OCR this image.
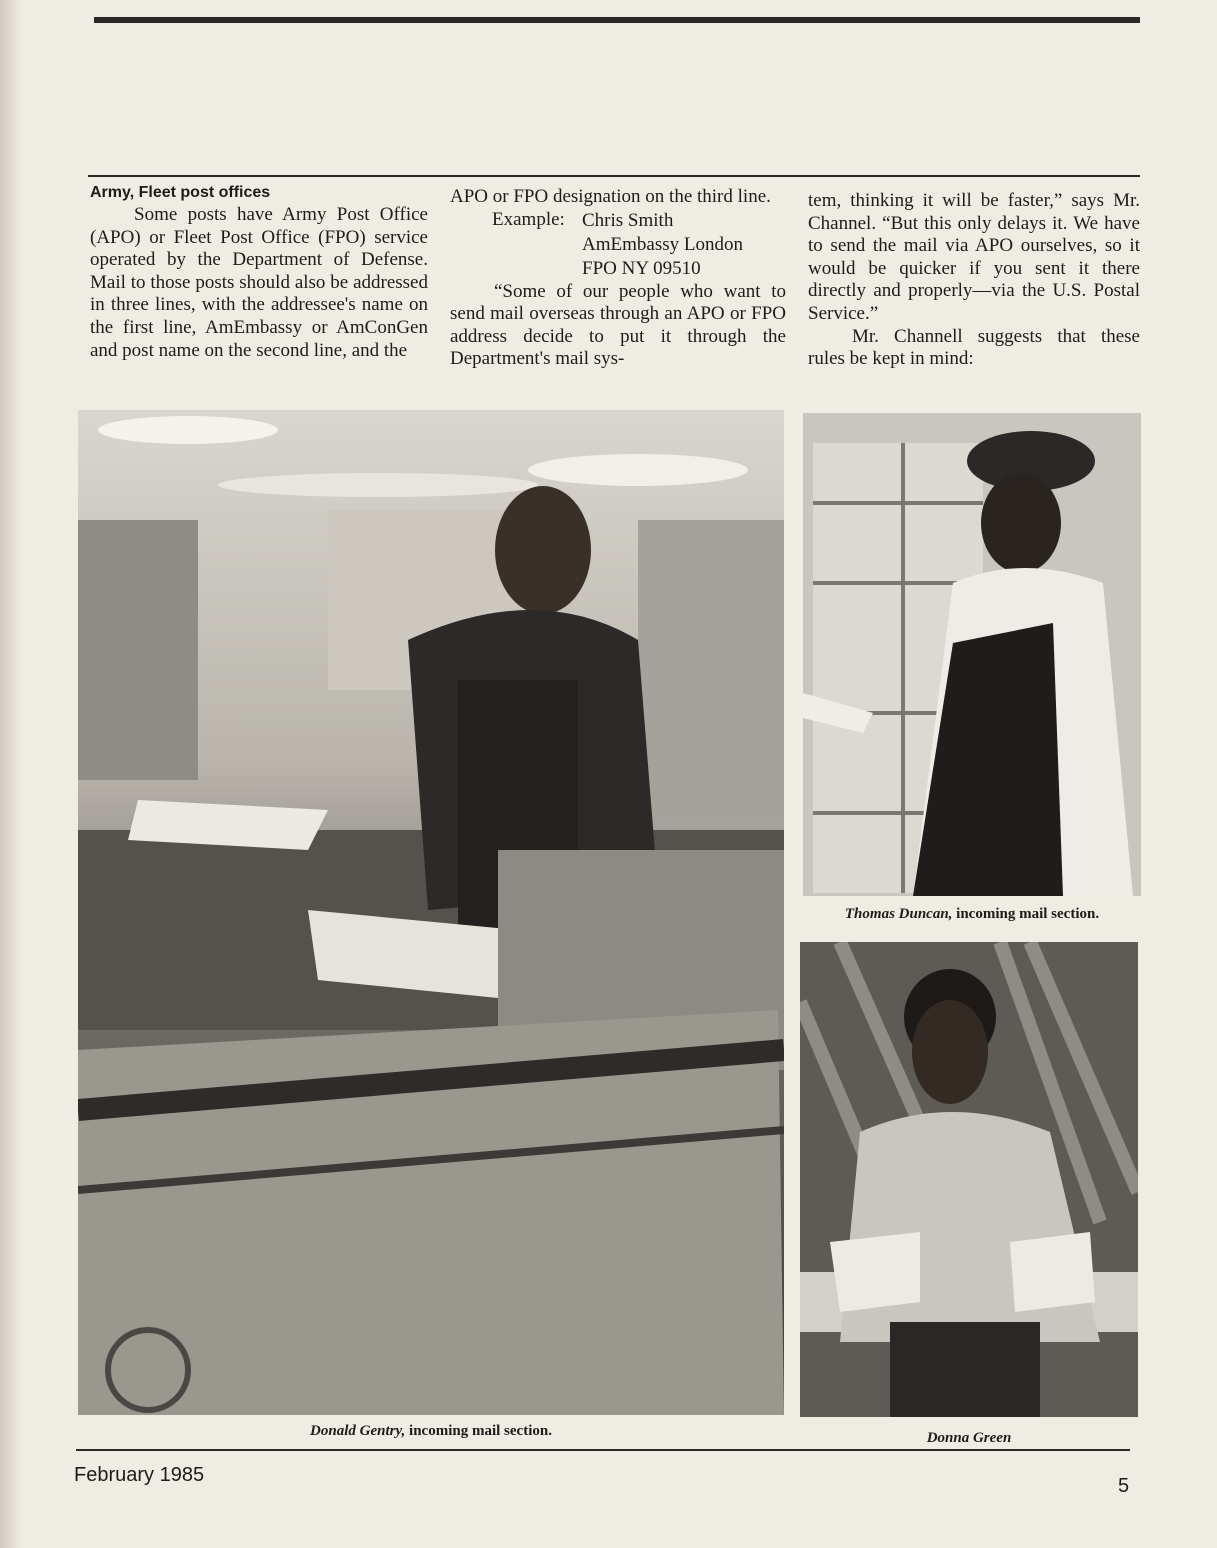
Army, Fleet post offices

Some posts have Army Post Office (APO) or Fleet Post Office (FPO) service operated by the Department of Defense. Mail to those posts should also be addressed in three lines, with the addressee's name on the first line, AmEmbassy or AmConGen and post name on the second line, and the

APO or FPO designation on the third line.

Example: Chris Smith
AmEmbassy London
FPO NY 09510

“Some of our people who want to send mail overseas through an APO or FPO address decide to put it through the Department's mail sys-

tem, thinking it will be faster,” says Mr. Channel. “But this only delays it. We have to send the mail via APO ourselves, so it would be quicker if you sent it there directly and properly—via the U.S. Postal Service.”

Mr. Channell suggests that these rules be kept in mind:

Donald Gentry, incoming mail section.
Thomas Duncan, incoming mail section.
Donna Green
February 1985	5
